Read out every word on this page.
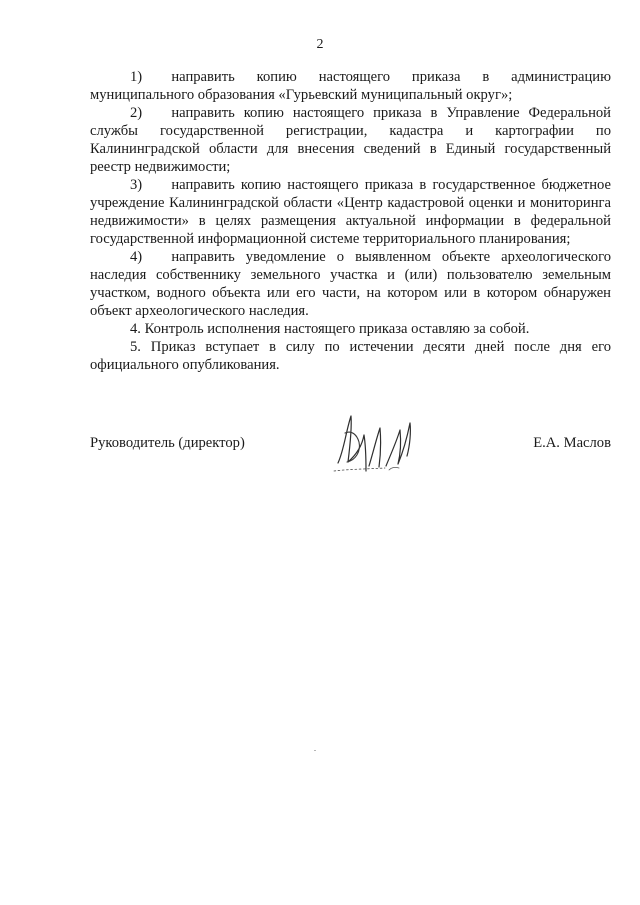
2

1)  направить копию настоящего приказа в администрацию муниципального образования «Гурьевский муниципальный округ»;

2)  направить копию настоящего приказа в Управление Федеральной службы государственной регистрации, кадастра и картографии по Калининградской области для внесения сведений в Единый государственный реестр недвижимости;

3)  направить копию настоящего приказа в государственное бюджетное учреждение Калининградской области «Центр кадастровой оценки и мониторинга недвижимости» в целях размещения актуальной информации в федеральной государственной информационной системе территориального планирования;

4)  направить уведомление о выявленном объекте археологического наследия собственнику земельного участка и (или) пользователю земельным участком, водного объекта или его части, на котором или в котором обнаружен объект археологического наследия.

4. Контроль исполнения настоящего приказа оставляю за собой.

5. Приказ вступает в силу по истечении десяти дней после дня его официального опубликования.

Руководитель (директор)	Е.А. Маслов
